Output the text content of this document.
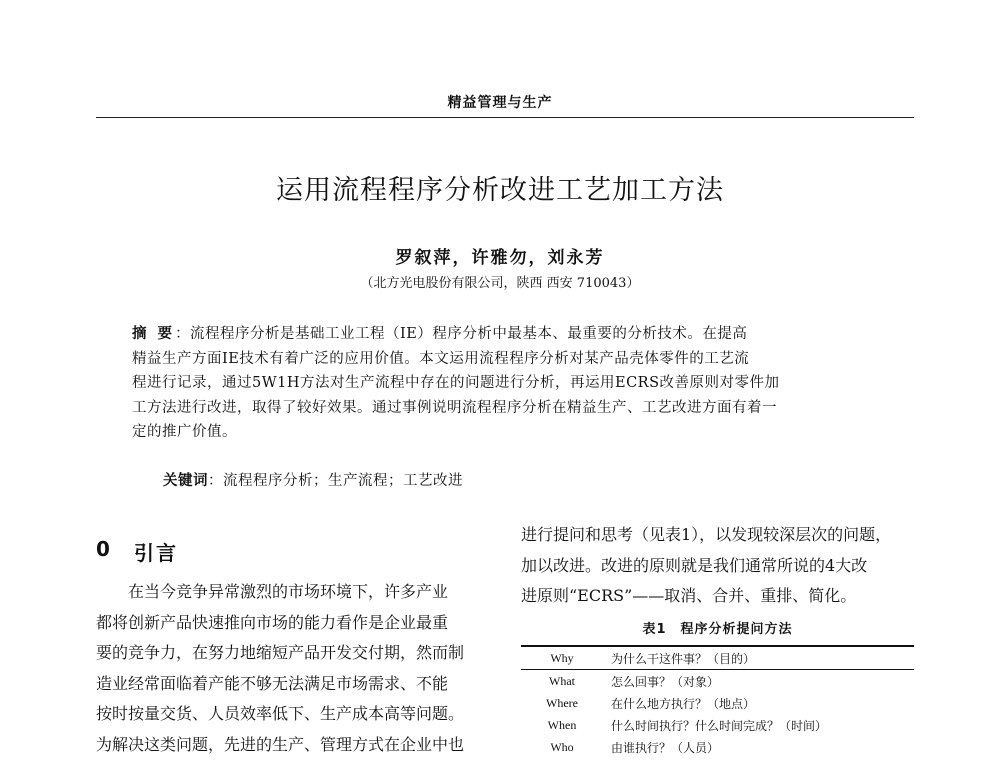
精益管理与生产
运用流程程序分析改进工艺加工方法
罗叙萍，许雅勿，刘永芳
（北方光电股份有限公司，陕西 西安 710043）
摘 要：流程程序分析是基础工业工程（IE）程序分析中最基本、最重要的分析技术。在提高
精益生产方面IE技术有着广泛的应用价值。本文运用流程程序分析对某产品壳体零件的工艺流
程进行记录，通过5W1H方法对生产流程中存在的问题进行分析，再运用ECRS改善原则对零件加
工方法进行改进，取得了较好效果。通过事例说明流程程序分析在精益生产、工艺改进方面有着一
定的推广价值。
关键词：流程程序分析；生产流程；工艺改进
0 引言
　　在当今竞争异常激烈的市场环境下，许多产业
都将创新产品快速推向市场的能力看作是企业最重
要的竞争力，在努力地缩短产品开发交付期，然而制
造业经常面临着产能不够无法满足市场需求、不能
按时按量交货、人员效率低下、生产成本高等问题。
为解决这类问题，先进的生产、管理方式在企业中也
进行提问和思考（见表1），以发现较深层次的问题，
加以改进。改进的原则就是我们通常所说的4大改
进原则“ECRS”——取消、合并、重排、简化。
表1　程序分析提问方法
Why	为什么干这件事？（目的）
What	怎么回事？（对象）
Where	在什么地方执行？（地点）
When	什么时间执行？什么时间完成？（时间）
Who	由谁执行？（人员）
